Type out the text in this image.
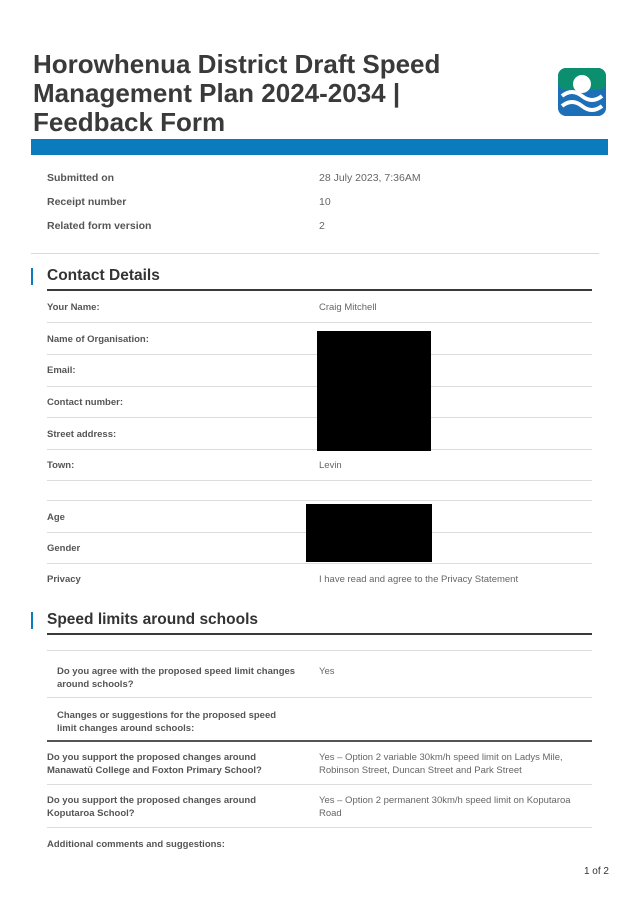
Horowhenua District Draft Speed Management Plan 2024-2034 | Feedback Form
Submitted on	28 July 2023, 7:36AM
Receipt number	10
Related form version	2
Contact Details
Your Name:	Craig Mitchell
Name of Organisation:
Email:
Contact number:
Street address:
Town:	Levin
Age
Gender
Privacy	I have read and agree to the Privacy Statement
Speed limits around schools
Do you agree with the proposed speed limit changes around schools?
Yes
Changes or suggestions for the proposed speed limit changes around schools:
Do you support the proposed changes around Manawatū College and Foxton Primary School?
Yes – Option 2 variable 30km/h speed limit on Ladys Mile, Robinson Street, Duncan Street and Park Street
Do you support the proposed changes around Koputaroa School?
Yes – Option 2 permanent 30km/h speed limit on Koputaroa Road
Additional comments and suggestions:
1 of 2
